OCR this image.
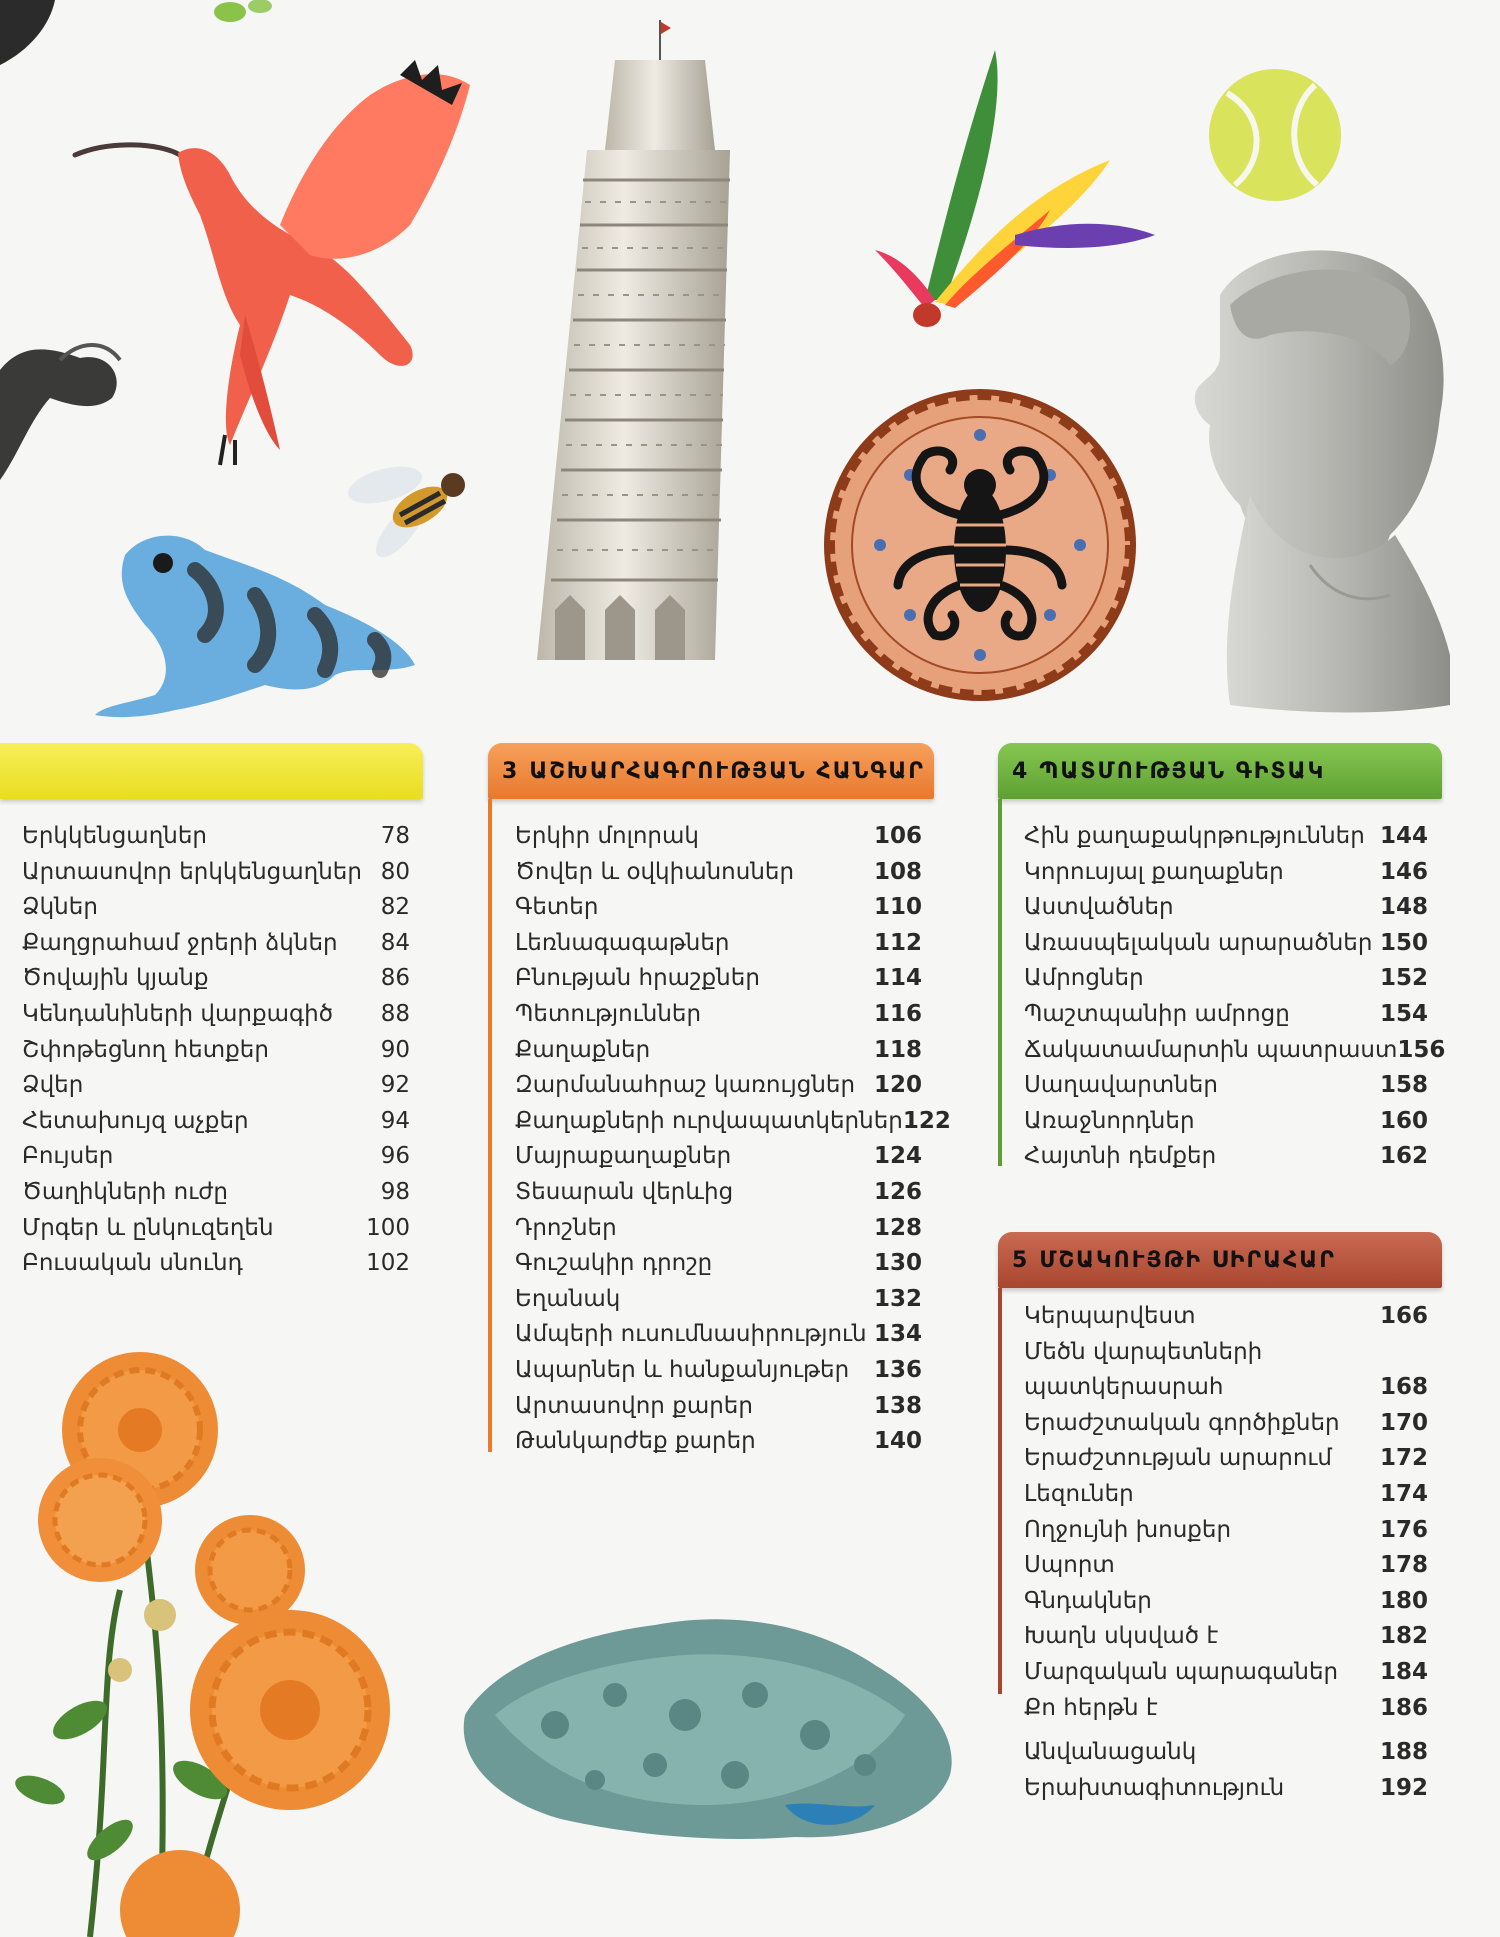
Երկկենցաղներ	78
Արտասովոր երկկենցաղներ 80
Ձկներ	82
Քաղցրահամ ջրերի ձկներ 84
Ծովային կյանք	86
Կենդանիների վարքագիծ 88
Շփոթեցնող հետքեր	90
Ձվեր	92
Հետախույզ աչքեր	94
Բույսեր	96
Ծաղիկների ուժը	98
Մրգեր և ընկուզեղեն	100
Բուսական սնունդ	102
3 ԱՇԽԱՐՀԱԳՐՈՒԹՅԱՆ ՀԱՆԳԱՐ
Երկիր մոլորակ	106
Ծովեր և օվկիանոսներ	108
Գետեր	110
Լեռնագագաթներ	112
Բնության հրաշքներ	114
Պետություններ	116
Քաղաքներ	118
Զարմանահրաշ կառույցներ 120
Քաղաքների ուրվապատկերներ 122
Մայրաքաղաքներ	124
Տեսարան վերևից	126
Դրոշներ	128
Գուշակիր դրոշը	130
Եղանակ	132
Ամպերի ուսումնասիրություն 134
Ապարներ և հանքանյութեր 136
Արտասովոր քարեր	138
Թանկարժեք քարեր	140
4 ՊԱՏՄՈՒԹՅԱՆ ԳԻՏԱԿ
Հին քաղաքակրթություններ 144
Կորուսյալ քաղաքներ	146
Աստվածներ	148
Առասպելական արարածներ 150
Ամրոցներ	152
Պաշտպանիր ամրոցը	154
Ճակատամարտին պատրաստ 156
Սաղավարտներ	158
Առաջնորդներ	160
Հայտնի դեմքեր	162
5 ՄՇԱԿՈՒՅԹԻ ՍԻՐԱՀԱՐ
Կերպարվեստ	166
Մեծն վարպետների
պատկերասրահ	168
Երաժշտական գործիքներ 170
Երաժշտության արարում 172
Լեզուներ	174
Ողջույնի խոսքեր	176
Սպորտ	178
Գնդակներ	180
Խաղն սկսված է	182
Մարզական պարագաներ 184
Քո հերթն է	186
Անվանացանկ	188
Երախտագիտություն	192
